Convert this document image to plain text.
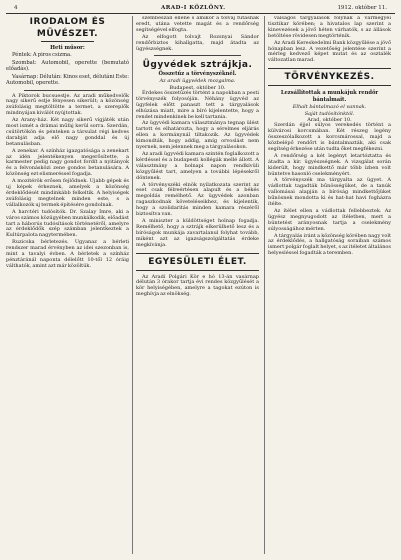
4	ARAD-I KÖZLÖNY.	1912. október 11.
IRODALOM ÉS MÜVÉSZET.
Heti műsor:

Péntek: A piros csizma.

Szombat: Automobil, operette (bemutató előadás).

Vasárnap: Délután: Kinos eset, délutáni Este: Automobil, operette.

A Piktorok bucsuestje. Az aradi műkedvelők nagy sikerű estje fényesen sikerült; a közönség zsúfolásig megtöltötte a termet, a szereplők mindnyájan kiválót nyújtottak.

Az Arany-ház. Két nagy sikerű vígjáték után most ismét a drámai műfaj kerül sorra. Szerdán, csütörtökön és pénteken a társulat régi kedves darabját adja elő nagy gonddal és új betanulásban.

A zenekar. A színház igazgatósága a zenekart az idén jelentékenyen megerősítette, a karmester pedig nagy gondot fordít a nyitányok és a felvonásközi zene gondos betanulására. A közönség ezt elismeréssel fogadja.

A mozitérök erősen fejlődnek. Ujabb gépek és uj képek érkeznek, amelyek a közönség érdeklődését mindinkább felkeltik. A helyiségek zsúfolásig megtelnek minden este, s a vállalkozók uj termek építésére gondolnak.

A harctéri tudósítók. Dr. Szalay Imre, aki a város számos közügyében munkálkodik, előadást tart a háborús tudósítások történetéről, amelyre az érdeklődők szép számban jelentkeztek a Kultúrpalota nagytermében.

Ruzicska bérletezés. Ugyanaz a bérleti rendszer marad érvényben az idei szezonban is, mint a tavalyi évben. A bérletek a színház pénztáránál naponta délelőtt 10-től 12 óráig válthatók, amint azt már közöltük.

szembeszáll ellene s amikor a tolvaj futásnak eredt, utána vetette magát és a rendőrség segítségével elfogta.

Az elfogott tolvajt Rozsnyai Sándor rendőrbiztos kihallgatta, majd átadta az ügyészségnek.

Ügyvédek sztrájkja.
Összetűz a törvényszéknél.
Az aradi ügyvédek mozgalma.
Budapest, október 10.

Érdekes összetűzés történt a napokban a pesti törvényszék folyosóján. Néhány ügyvéd az ügyfelek előtt panaszt tett a tárgyalások elhúzása miatt, mire a bíró kijelentette, hogy a rendet mindenkinek be kell tartania.

Az ügyvédi kamara választmánya tegnap ülést tartott és elhatározta, hogy a sérelmes eljárás ellen a kormánynál tiltakozik. Az ügyvédek kimondták, hogy addig, amíg orvoslást nem nyernek, nem jelennek meg a tárgyalásokon.

Az aradi ügyvédi kamara szintén foglalkozott a kérdéssel és a budapesti kollégák mellé állott. A választmány a holnapi napon rendkívüli közgyűlést tart, amelyen a további lépésekről döntenek.

A törvényszéki elnök nyilatkozata szerint az eset csak félreértésen alapult és a békés megoldás remélhető. Az ügyvédek azonban ragaszkodnak követeléseikhez, és kijelentik, hogy a szolidaritás minden kamara részéről biztosítva van.

A miniszter a küldöttséget holnap fogadja. Remélhető, hogy a sztrájk elkerülhető lesz és a bíróságok munkája zavartalanul folyhat tovább, miként azt az igazságszolgáltatás érdeke megkívánja.

EGYESÜLETI ÉLET.

Az Aradi Polgári Kör e hó 13-án vasárnap délután 3 órakor tartja évi rendes közgyűlését a kör helyiségében, amelyre a tagokat ezúton is meghívja az elnökség.

válságos tárgyalások folynak a vármegyei tisztikar körében; a hivatalos lap szerint a kinevezések a jövő héten várhatók, s az állások betöltése rövidesen megtörténik.

Az Aradi Kereskedelmi Bank közgyűlése a jövő hónapban lesz. A vezetőség jelentése szerint a mérleg kedvező képet mutat és az osztalék változatlan marad.

TÖRVÉNYKEZÉS.
Lezsállítottak a munkájuk rendőr bántalmait.
Elhalt bántalmazó el vannak.
Saját tudósítónktól.
Arad, október 10.

Szerdán éjjel súlyos verekedés történt a külvárosi korcsmában. Két részeg legény összeszólalkozott a korcsmárossal, majd a közbelépő rendőrt is bántalmazták, aki csak segítség érkezése után tudta őket megfékezni.

A rendőrség a két legényt letartóztatta és átadta a kir. ügyészségnek. A vizsgálat során kiderült, hogy mindkettő már több ízben volt büntetve hasonló cselekményért.

A törvényszék ma tárgyalta az ügyet. A vádlottak tagadták bűnösségüket, de a tanúk vallomásai alapján a bíróság mindkettőjüket bűnösnek mondotta ki és hat-hat havi fogházra ítélte.

Az ítélet ellen a vádlottak fellebbeztek. Az ügyész megnyugodott az ítéletben, mert a büntetést arányosnak tartja a cselekmény súlyosságához mérten.

A tárgyalás iránt a közönség körében nagy volt az érdeklődés, a hallgatóság soraiban számos ismert polgár foglalt helyet, s az ítéletet általános helyesléssel fogadták a teremben.
